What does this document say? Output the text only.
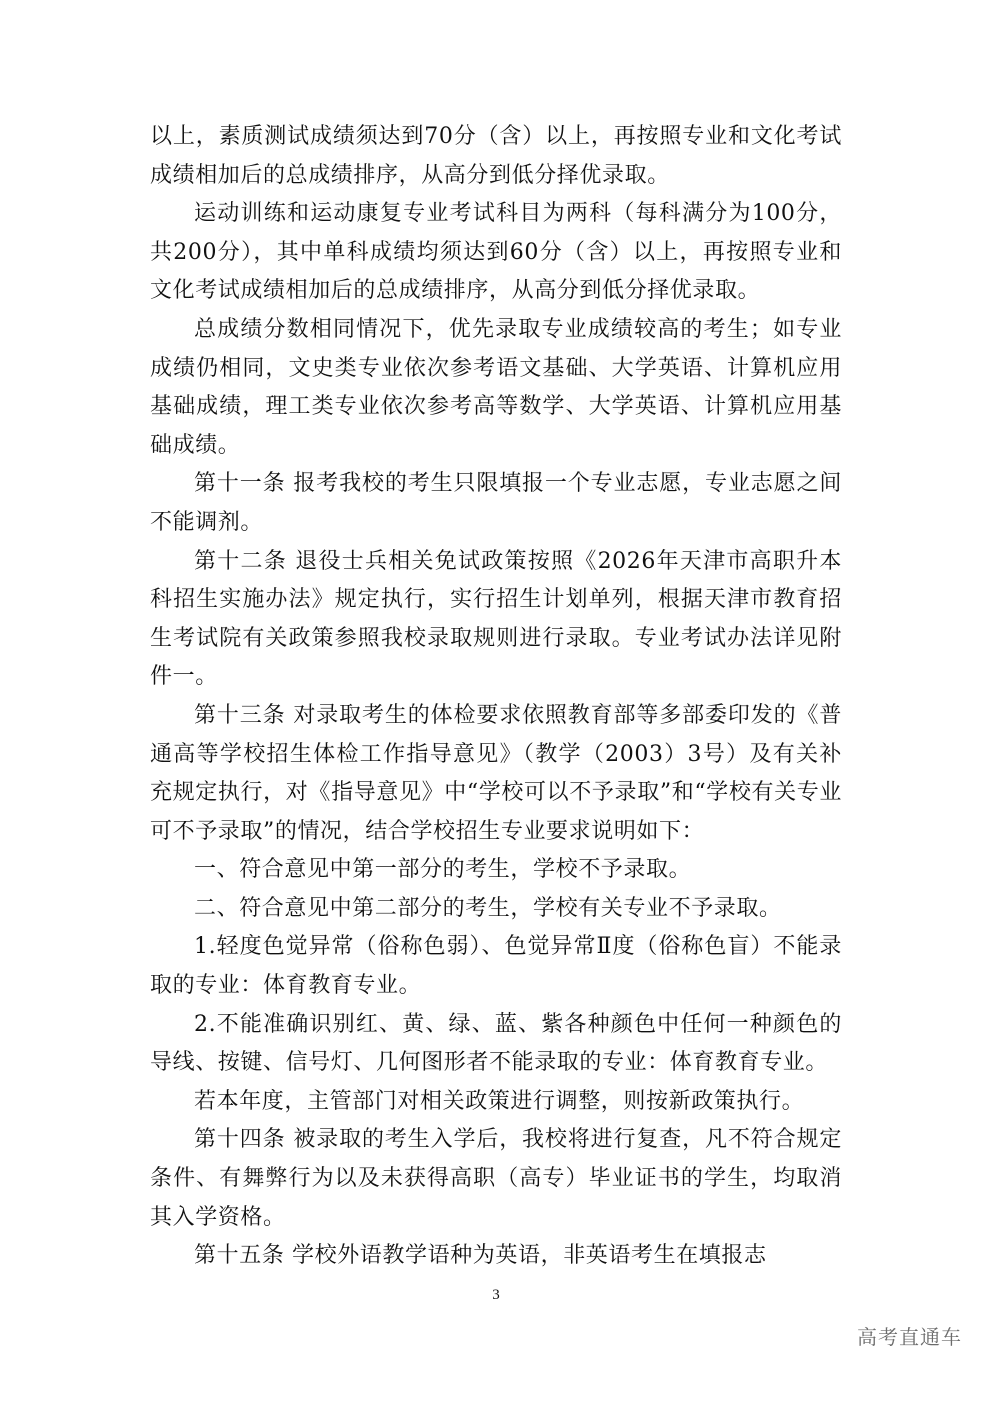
以上，素质测试成绩须达到70分（含）以上，再按照专业和文化考试成绩相加后的总成绩排序，从高分到低分择优录取。

运动训练和运动康复专业考试科目为两科（每科满分为100分，共200分），其中单科成绩均须达到60分（含）以上，再按照专业和文化考试成绩相加后的总成绩排序，从高分到低分择优录取。

总成绩分数相同情况下，优先录取专业成绩较高的考生；如专业成绩仍相同，文史类专业依次参考语文基础、大学英语、计算机应用基础成绩，理工类专业依次参考高等数学、大学英语、计算机应用基础成绩。

第十一条 报考我校的考生只限填报一个专业志愿，专业志愿之间不能调剂。

第十二条 退役士兵相关免试政策按照《2026年天津市高职升本科招生实施办法》规定执行，实行招生计划单列，根据天津市教育招生考试院有关政策参照我校录取规则进行录取。专业考试办法详见附件一。

第十三条 对录取考生的体检要求依照教育部等多部委印发的《普通高等学校招生体检工作指导意见》（教学（2003）3号）及有关补充规定执行，对《指导意见》中“学校可以不予录取”和“学校有关专业可不予录取”的情况，结合学校招生专业要求说明如下：

一、符合意见中第一部分的考生，学校不予录取。

二、符合意见中第二部分的考生，学校有关专业不予录取。

1.轻度色觉异常（俗称色弱）、色觉异常Ⅱ度（俗称色盲）不能录取的专业：体育教育专业。

2.不能准确识别红、黄、绿、蓝、紫各种颜色中任何一种颜色的导线、按键、信号灯、几何图形者不能录取的专业：体育教育专业。

若本年度，主管部门对相关政策进行调整，则按新政策执行。

第十四条 被录取的考生入学后，我校将进行复查，凡不符合规定条件、有舞弊行为以及未获得高职（高专）毕业证书的学生，均取消其入学资格。

第十五条 学校外语教学语种为英语，非英语考生在填报志

3
高考直通车
